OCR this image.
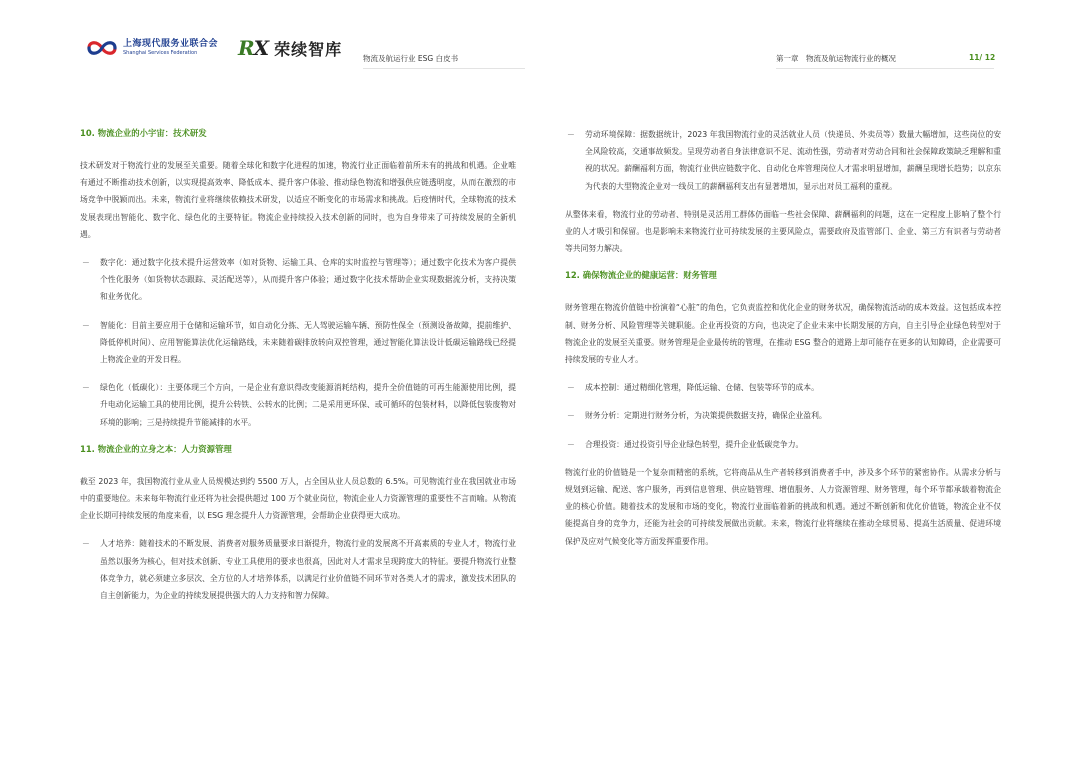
上海现代服务业联合会
Shanghai Services Federation	RX 荣续智库	物流及航运行业 ESG 白皮书	第一章　物流及航运物流行业的概况	11/ 12
10. 物流企业的小宇宙：技术研发
技术研发对于物流行业的发展至关重要。随着全球化和数字化进程的加速，物流行业正面临着前所未有的挑战和机遇。企业唯有通过不断推动技术创新，以实现提高效率、降低成本、提升客户体验、推动绿色物流和增强供应链透明度，从而在激烈的市场竞争中脱颖而出。未来，物流行业将继续依赖技术研发，以适应不断变化的市场需求和挑战。后疫情时代，全球物流的技术发展表现出智能化、数字化、绿色化的主要特征。物流企业持续投入技术创新的同时，也为自身带来了可持续发展的全新机遇。
－ 数字化：通过数字化技术提升运营效率（如对货物、运输工具、仓库的实时监控与管理等）；通过数字化技术为客户提供个性化服务（如货物状态跟踪、灵活配送等），从而提升客户体验；通过数字化技术帮助企业实现数据流分析，支持决策和业务优化。
－ 智能化：目前主要应用于仓储和运输环节，如自动化分拣、无人驾驶运输车辆、预防性保全（预测设备故障，提前维护、降低停机时间）、应用智能算法优化运输路线，未来随着碳排放转向双控管理，通过智能化算法设计低碳运输路线已经提上物流企业的开发日程。
－ 绿色化（低碳化）：主要体现三个方向，一是企业有意识得改变能源消耗结构，提升全价值链的可再生能源使用比例，提升电动化运输工具的使用比例，提升公转铁、公转水的比例；二是采用更环保、或可循环的包装材料，以降低包装废物对环境的影响；三是持续提升节能减排的水平。
11. 物流企业的立身之本：人力资源管理
截至 2023 年，我国物流行业从业人员规模达到约 5500 万人，占全国从业人员总数的 6.5%。可见物流行业在我国就业市场中的重要地位。未来每年物流行业还将为社会提供超过 100 万个就业岗位，物流企业人力资源管理的重要性不言而喻。从物流企业长期可持续发展的角度来看，以 ESG 理念提升人力资源管理，会帮助企业获得更大成功。
－ 人才培养：随着技术的不断发展、消费者对服务质量要求日渐提升，物流行业的发展离不开高素质的专业人才，物流行业虽然以服务为核心，但对技术创新、专业工具使用的要求也很高，因此对人才需求呈现跨度大的特征。要提升物流行业整体竞争力，就必须建立多层次、全方位的人才培养体系，以满足行业价值链不同环节对各类人才的需求，激发技术团队的自主创新能力，为企业的持续发展提供强大的人力支持和智力保障。
－ 劳动环境保障：据数据统计，2023 年我国物流行业的灵活就业人员（快递员、外卖员等）数量大幅增加，这些岗位的安全风险较高，交通事故频发。呈现劳动者自身法律意识不足、流动性强，劳动者对劳动合同和社会保障政策缺乏理解和重视的状况。薪酬福利方面，物流行业供应链数字化、自动化仓库管理岗位人才需求明显增加，薪酬呈现增长趋势；以京东为代表的大型物流企业对一线员工的薪酬福利支出有显著增加，显示出对员工福利的重视。
从整体来看，物流行业的劳动者、特别是灵活用工群体仍面临一些社会保障、薪酬福利的问题，这在一定程度上影响了整个行业的人才吸引和保留。也是影响未来物流行业可持续发展的主要风险点，需要政府及监管部门、企业、第三方有识者与劳动者等共同努力解决。
12. 确保物流企业的健康运营：财务管理
财务管理在物流价值链中扮演着“心脏”的角色，它负责监控和优化企业的财务状况，确保物流活动的成本效益。这包括成本控制、财务分析、风险管理等关键职能。企业再投资的方向，也决定了企业未来中长期发展的方向，自主引导企业绿色转型对于物流企业的发展至关重要。财务管理是企业最传统的管理，在推动 ESG 整合的道路上却可能存在更多的认知障碍，企业需要可持续发展的专业人才。
－ 成本控制：通过精细化管理，降低运输、仓储、包装等环节的成本。
－ 财务分析：定期进行财务分析，为决策提供数据支持，确保企业盈利。
－ 合理投资：通过投资引导企业绿色转型，提升企业低碳竞争力。
物流行业的价值链是一个复杂而精密的系统，它将商品从生产者转移到消费者手中，涉及多个环节的紧密协作。从需求分析与规划到运输、配送、客户服务，再到信息管理、供应链管理、增值服务、人力资源管理、财务管理，每个环节都承载着物流企业的核心价值。随着技术的发展和市场的变化，物流行业面临着新的挑战和机遇。通过不断创新和优化价值链，物流企业不仅能提高自身的竞争力，还能为社会的可持续发展做出贡献。未来，物流行业将继续在推动全球贸易、提高生活质量、促进环境保护及应对气候变化等方面发挥重要作用。
